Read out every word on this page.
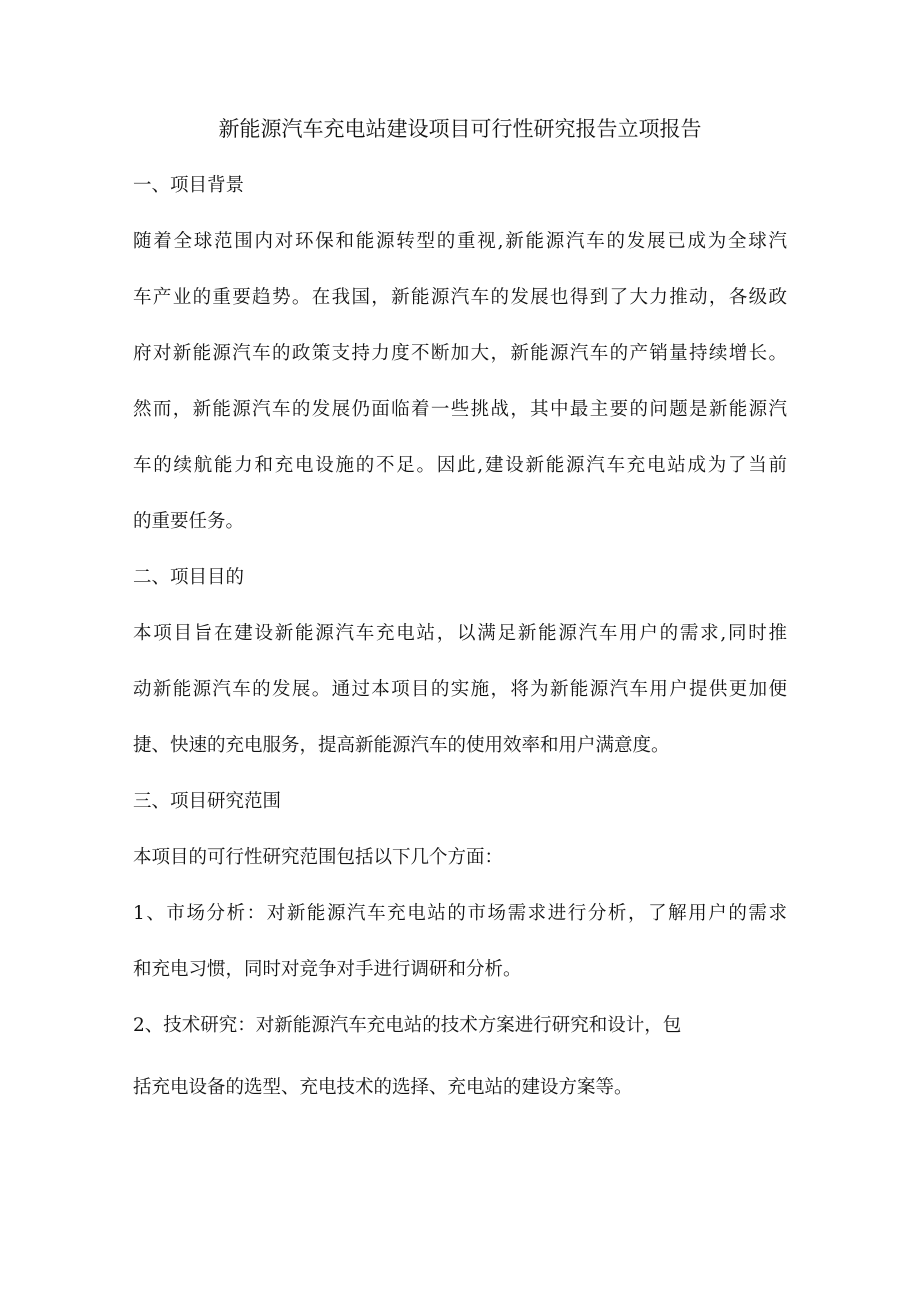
新能源汽车充电站建设项目可行性研究报告立项报告
一、项目背景
随着全球范围内对环保和能源转型的重视,新能源汽车的发展已成为全球汽
车产业的重要趋势。在我国，新能源汽车的发展也得到了大力推动，各级政
府对新能源汽车的政策支持力度不断加大，新能源汽车的产销量持续增长。
然而，新能源汽车的发展仍面临着一些挑战，其中最主要的问题是新能源汽
车的续航能力和充电设施的不足。因此,建设新能源汽车充电站成为了当前
的重要任务。
二、项目目的
本项目旨在建设新能源汽车充电站，以满足新能源汽车用户的需求,同时推
动新能源汽车的发展。通过本项目的实施，将为新能源汽车用户提供更加便
捷、快速的充电服务，提高新能源汽车的使用效率和用户满意度。
三、项目研究范围
本项目的可行性研究范围包括以下几个方面：
1、市场分析：对新能源汽车充电站的市场需求进行分析，了解用户的需求
和充电习惯，同时对竞争对手进行调研和分析。
2、技术研究：对新能源汽车充电站的技术方案进行研究和设计，包
括充电设备的选型、充电技术的选择、充电站的建设方案等。
